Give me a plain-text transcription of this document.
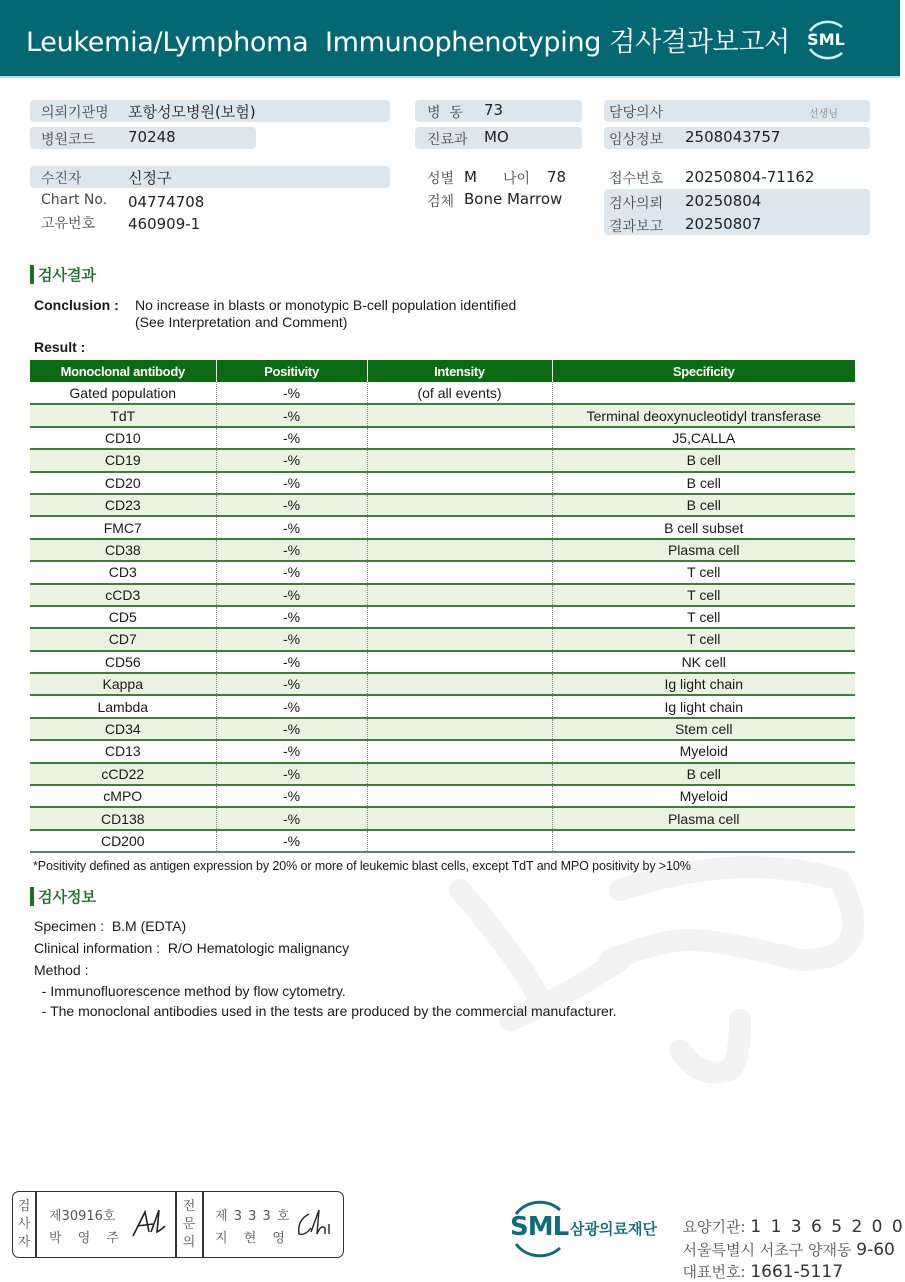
Leukemia/Lymphoma  Immunophenotyping 검사결과보고서 SML
의뢰기관명 포항성모병원(보험)
병원코드 70248
수진자	신정구
Chart No. 04774708
고유번호 460909-1
병  동 73
진료과 MO
성별 M 나이 78
검체 Bone Marrow
담당의사	선생님
임상정보 2508043757
접수번호 20250804-71162
검사의뢰 20250804
결과보고 20250807
검사결과
Conclusion : No increase in blasts or monotypic B-cell population identified
(See Interpretation and Comment)
Result :
Monoclonal antibody	Positivity	Intensity	Specificity
Gated population	-%	(of all events)	
TdT	-%		Terminal deoxynucleotidyl transferase
CD10	-%		J5,CALLA
CD19	-%		B cell
CD20	-%		B cell
CD23	-%		B cell
FMC7	-%		B cell subset
CD38	-%		Plasma cell
CD3	-%		T cell
cCD3	-%		T cell
CD5	-%		T cell
CD7	-%		T cell
CD56	-%		NK cell
Kappa	-%		Ig light chain
Lambda	-%		Ig light chain
CD34	-%		Stem cell
CD13	-%		Myeloid
cCD22	-%		B cell
cMPO	-%		Myeloid
CD138	-%		Plasma cell
CD200	-%		
*Positivity defined as antigen expression by 20% or more of leukemic blast cells, except TdT and MPO positivity by >10%
검사정보
Specimen :  B.M (EDTA)
Clinical information :  R/O Hematologic malignancy
Method :
- Immunofluorescence method by flow cytometry.
- The monoclonal antibodies used in the tests are produced by the commercial manufacturer.
검
사
자
제30916호
박 영 주
전
문
의
제 3 3 3 호
지 현 영	SML 삼광의료재단	요양기관: 1 1 3 6 5 2 0 0

서울특별시 서초구 양재동 9-60

대표번호: 1661-5117
